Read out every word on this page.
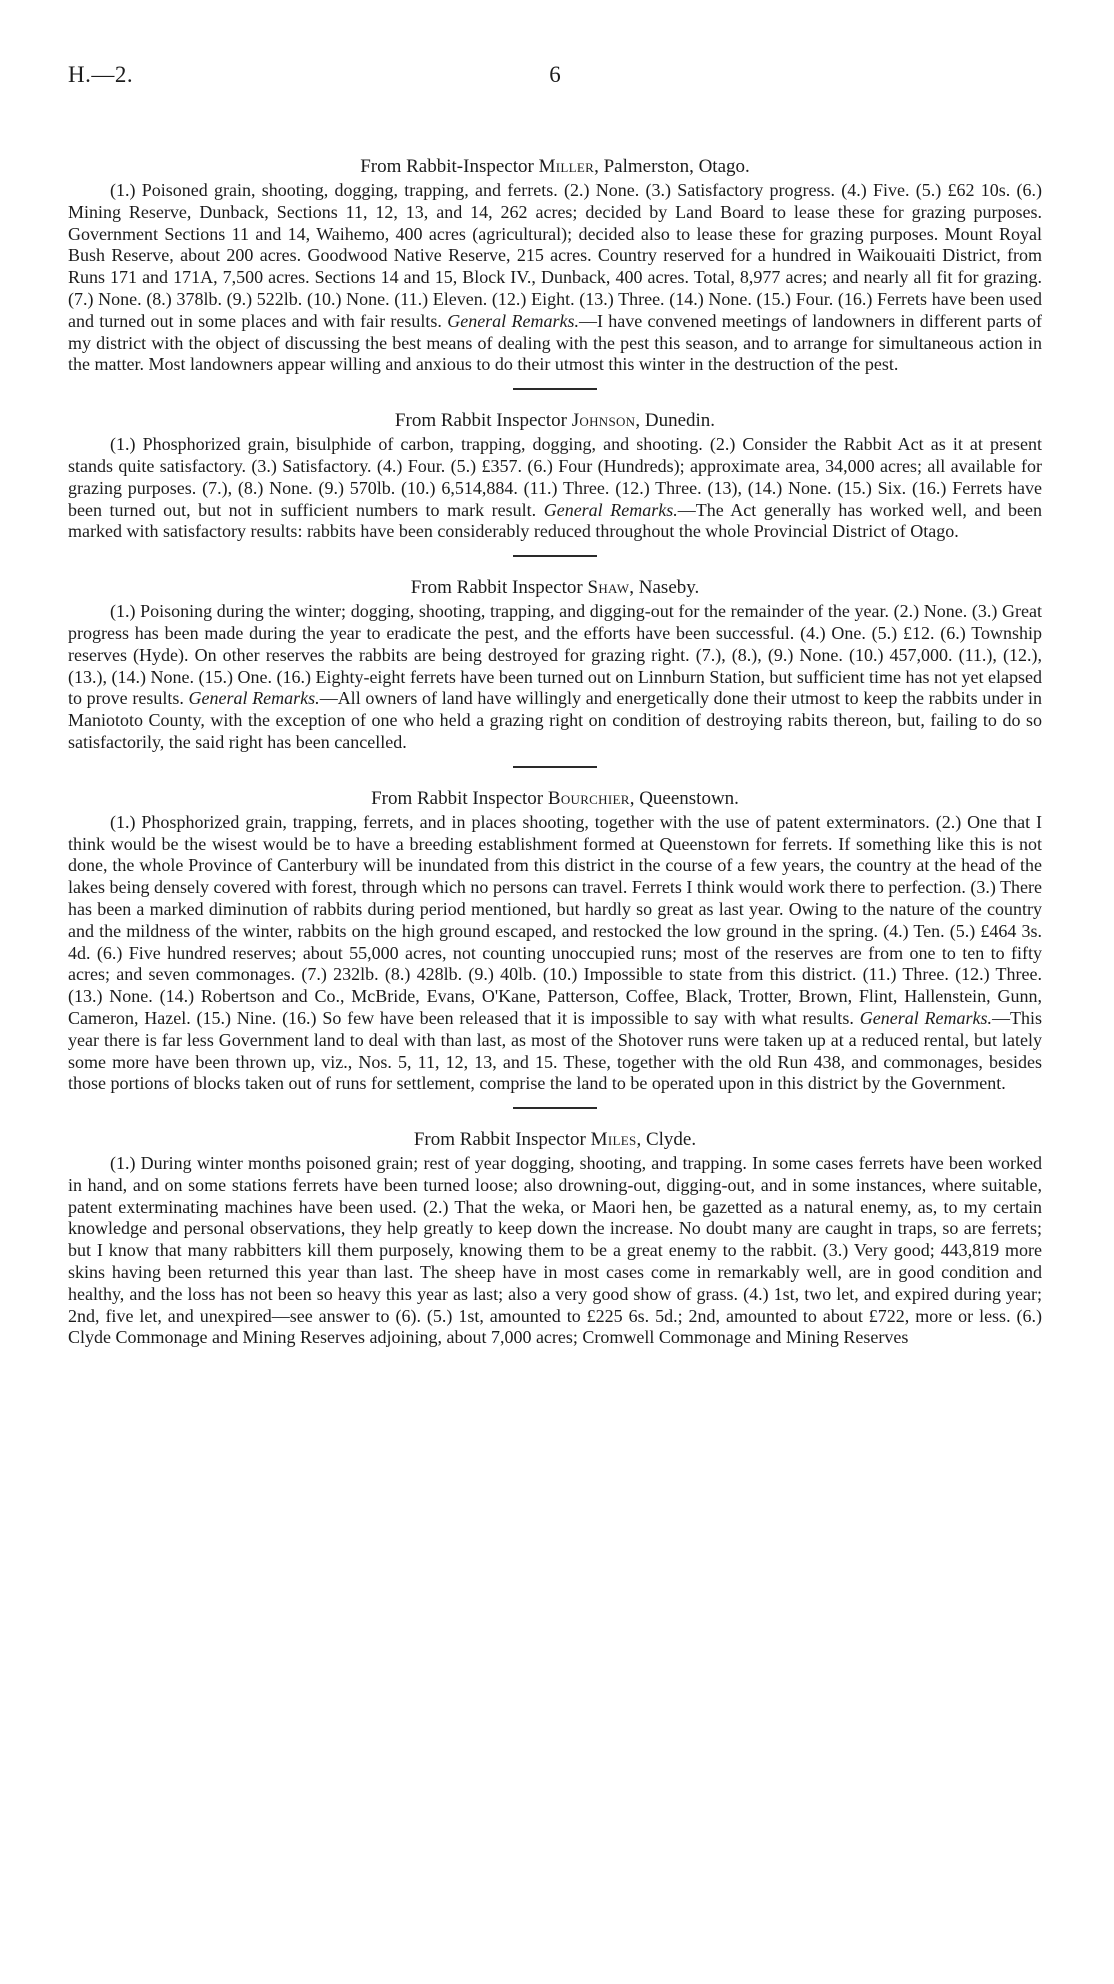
H.—2.	6
From Rabbit-Inspector Miller, Palmerston, Otago.

(1.) Poisoned grain, shooting, dogging, trapping, and ferrets. (2.) None. (3.) Satisfactory progress. (4.) Five. (5.) £62 10s. (6.) Mining Reserve, Dunback, Sections 11, 12, 13, and 14, 262 acres; decided by Land Board to lease these for grazing purposes. Government Sections 11 and 14, Waihemo, 400 acres (agricultural); decided also to lease these for grazing purposes. Mount Royal Bush Reserve, about 200 acres. Goodwood Native Reserve, 215 acres. Country reserved for a hundred in Waikouaiti District, from Runs 171 and 171A, 7,500 acres. Sections 14 and 15, Block IV., Dunback, 400 acres. Total, 8,977 acres; and nearly all fit for grazing. (7.) None. (8.) 378lb. (9.) 522lb. (10.) None. (11.) Eleven. (12.) Eight. (13.) Three. (14.) None. (15.) Four. (16.) Ferrets have been used and turned out in some places and with fair results. General Remarks.—I have convened meetings of landowners in different parts of my district with the object of discussing the best means of dealing with the pest this season, and to arrange for simultaneous action in the matter. Most landowners appear willing and anxious to do their utmost this winter in the destruction of the pest.

From Rabbit Inspector Johnson, Dunedin.

(1.) Phosphorized grain, bisulphide of carbon, trapping, dogging, and shooting. (2.) Consider the Rabbit Act as it at present stands quite satisfactory. (3.) Satisfactory. (4.) Four. (5.) £357. (6.) Four (Hundreds); approximate area, 34,000 acres; all available for grazing purposes. (7.), (8.) None. (9.) 570lb. (10.) 6,514,884. (11.) Three. (12.) Three. (13), (14.) None. (15.) Six. (16.) Ferrets have been turned out, but not in sufficient numbers to mark result. General Remarks.—The Act generally has worked well, and been marked with satisfactory results: rabbits have been considerably reduced throughout the whole Provincial District of Otago.

From Rabbit Inspector Shaw, Naseby.

(1.) Poisoning during the winter; dogging, shooting, trapping, and digging-out for the remainder of the year. (2.) None. (3.) Great progress has been made during the year to eradicate the pest, and the efforts have been successful. (4.) One. (5.) £12. (6.) Township reserves (Hyde). On other reserves the rabbits are being destroyed for grazing right. (7.), (8.), (9.) None. (10.) 457,000. (11.), (12.), (13.), (14.) None. (15.) One. (16.) Eighty-eight ferrets have been turned out on Linnburn Station, but sufficient time has not yet elapsed to prove results. General Remarks.—All owners of land have willingly and energetically done their utmost to keep the rabbits under in Maniototo County, with the exception of one who held a grazing right on condition of destroying rabits thereon, but, failing to do so satisfactorily, the said right has been cancelled.

From Rabbit Inspector Bourchier, Queenstown.

(1.) Phosphorized grain, trapping, ferrets, and in places shooting, together with the use of patent exterminators. (2.) One that I think would be the wisest would be to have a breeding establishment formed at Queenstown for ferrets. If something like this is not done, the whole Province of Canterbury will be inundated from this district in the course of a few years, the country at the head of the lakes being densely covered with forest, through which no persons can travel. Ferrets I think would work there to perfection. (3.) There has been a marked diminution of rabbits during period mentioned, but hardly so great as last year. Owing to the nature of the country and the mildness of the winter, rabbits on the high ground escaped, and restocked the low ground in the spring. (4.) Ten. (5.) £464 3s. 4d. (6.) Five hundred reserves; about 55,000 acres, not counting unoccupied runs; most of the reserves are from one to ten to fifty acres; and seven commonages. (7.) 232lb. (8.) 428lb. (9.) 40lb. (10.) Impossible to state from this district. (11.) Three. (12.) Three. (13.) None. (14.) Robertson and Co., McBride, Evans, O'Kane, Patterson, Coffee, Black, Trotter, Brown, Flint, Hallenstein, Gunn, Cameron, Hazel. (15.) Nine. (16.) So few have been released that it is impossible to say with what results. General Remarks.—This year there is far less Government land to deal with than last, as most of the Shotover runs were taken up at a reduced rental, but lately some more have been thrown up, viz., Nos. 5, 11, 12, 13, and 15. These, together with the old Run 438, and commonages, besides those portions of blocks taken out of runs for settlement, comprise the land to be operated upon in this district by the Government.

From Rabbit Inspector Miles, Clyde.

(1.) During winter months poisoned grain; rest of year dogging, shooting, and trapping. In some cases ferrets have been worked in hand, and on some stations ferrets have been turned loose; also drowning-out, digging-out, and in some instances, where suitable, patent exterminating machines have been used. (2.) That the weka, or Maori hen, be gazetted as a natural enemy, as, to my certain knowledge and personal observations, they help greatly to keep down the increase. No doubt many are caught in traps, so are ferrets; but I know that many rabbitters kill them purposely, knowing them to be a great enemy to the rabbit. (3.) Very good; 443,819 more skins having been returned this year than last. The sheep have in most cases come in remarkably well, are in good condition and healthy, and the loss has not been so heavy this year as last; also a very good show of grass. (4.) 1st, two let, and expired during year; 2nd, five let, and unexpired—see answer to (6). (5.) 1st, amounted to £225 6s. 5d.; 2nd, amounted to about £722, more or less. (6.) Clyde Commonage and Mining Reserves adjoining, about 7,000 acres; Cromwell Commonage and Mining Reserves
